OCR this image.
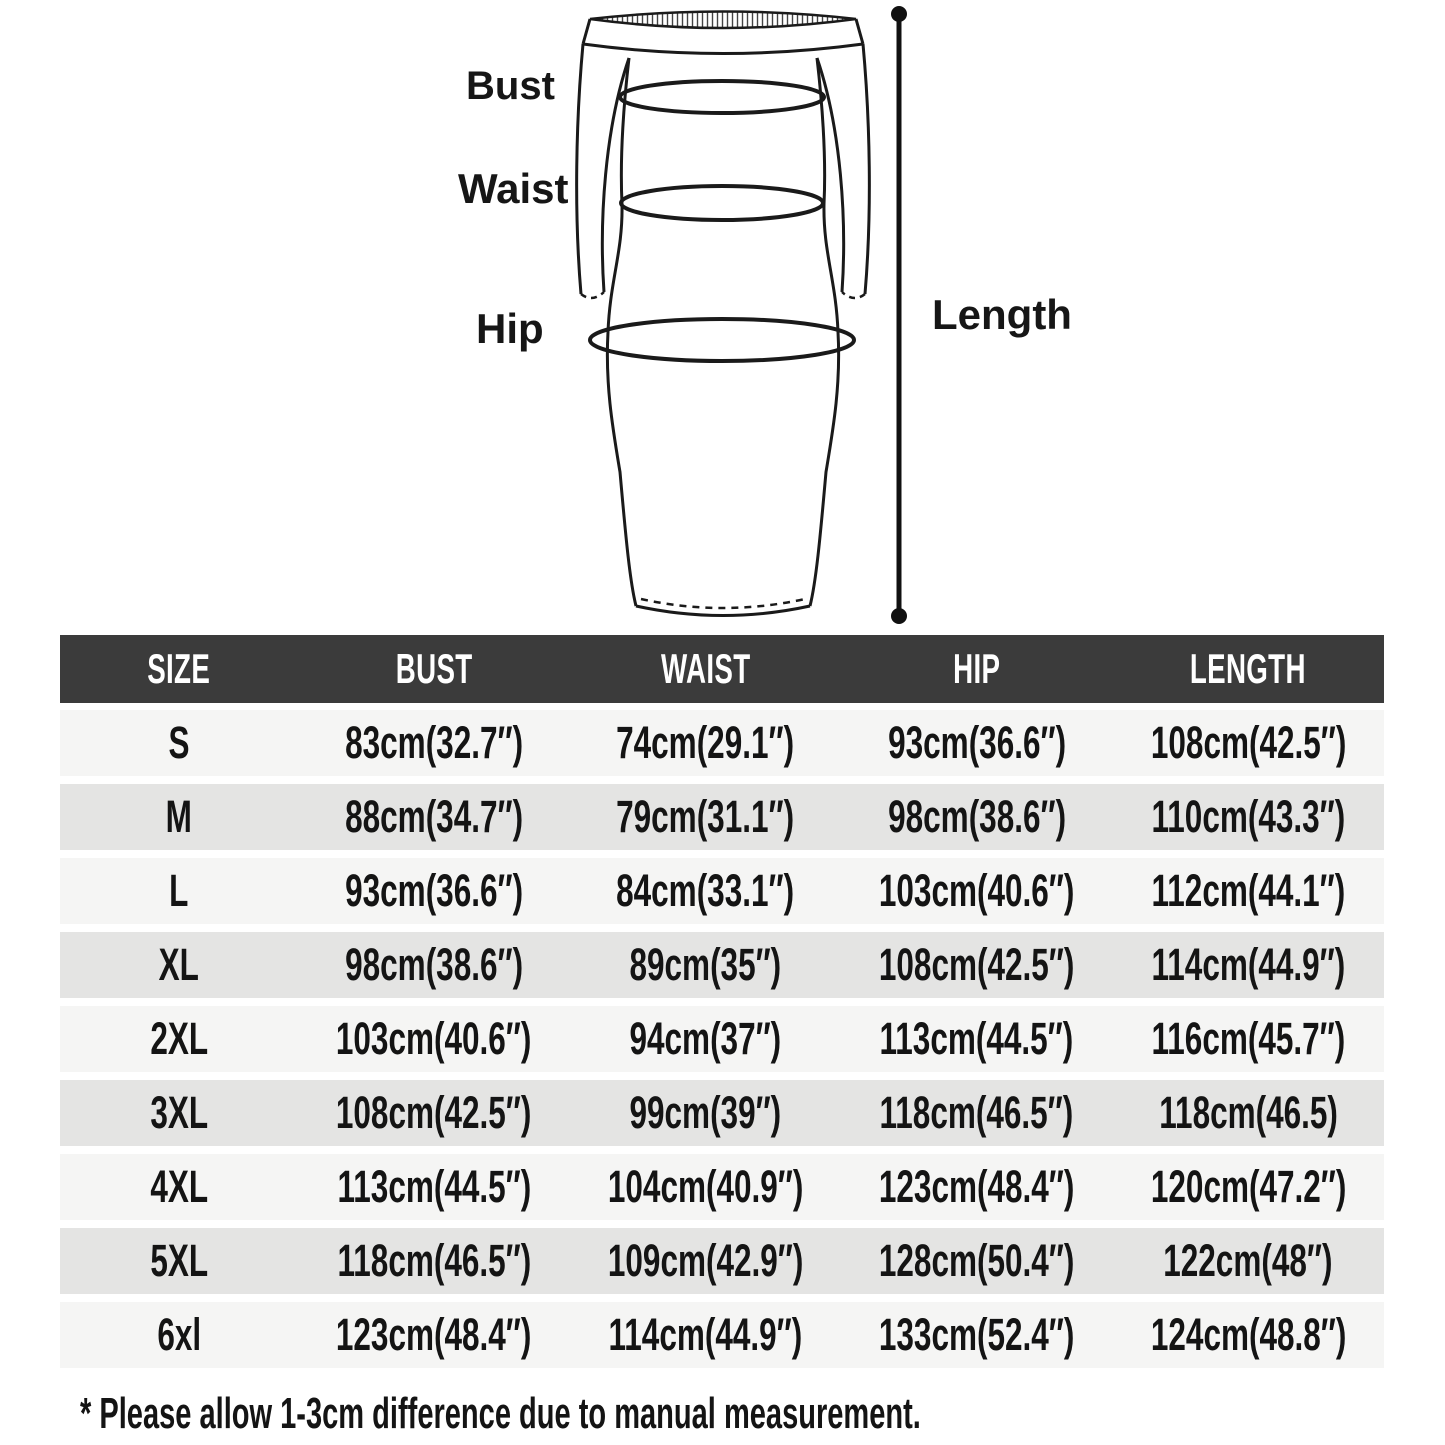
Bust
Waist
Hip	Length
SIZE	BUST	WAIST	HIP	LENGTH
S	83cm(32.7″) 74cm(29.1″) 93cm(36.6″) 108cm(42.5″)
M	88cm(34.7″) 79cm(31.1″) 98cm(38.6″) 110cm(43.3″)
L	93cm(36.6″) 84cm(33.1″) 103cm(40.6″) 112cm(44.1″)
XL	98cm(38.6″) 89cm(35″) 108cm(42.5″) 114cm(44.9″)
2XL	103cm(40.6″) 94cm(37″) 113cm(44.5″) 116cm(45.7″)
3XL	108cm(42.5″) 99cm(39″) 118cm(46.5″) 118cm(46.5)
4XL	113cm(44.5″) 104cm(40.9″) 123cm(48.4″) 120cm(47.2″)
5XL	118cm(46.5″) 109cm(42.9″) 128cm(50.4″) 122cm(48″)
6xl	123cm(48.4″) 114cm(44.9″) 133cm(52.4″) 124cm(48.8″)
* Please allow 1-3cm difference due to manual measurement.
